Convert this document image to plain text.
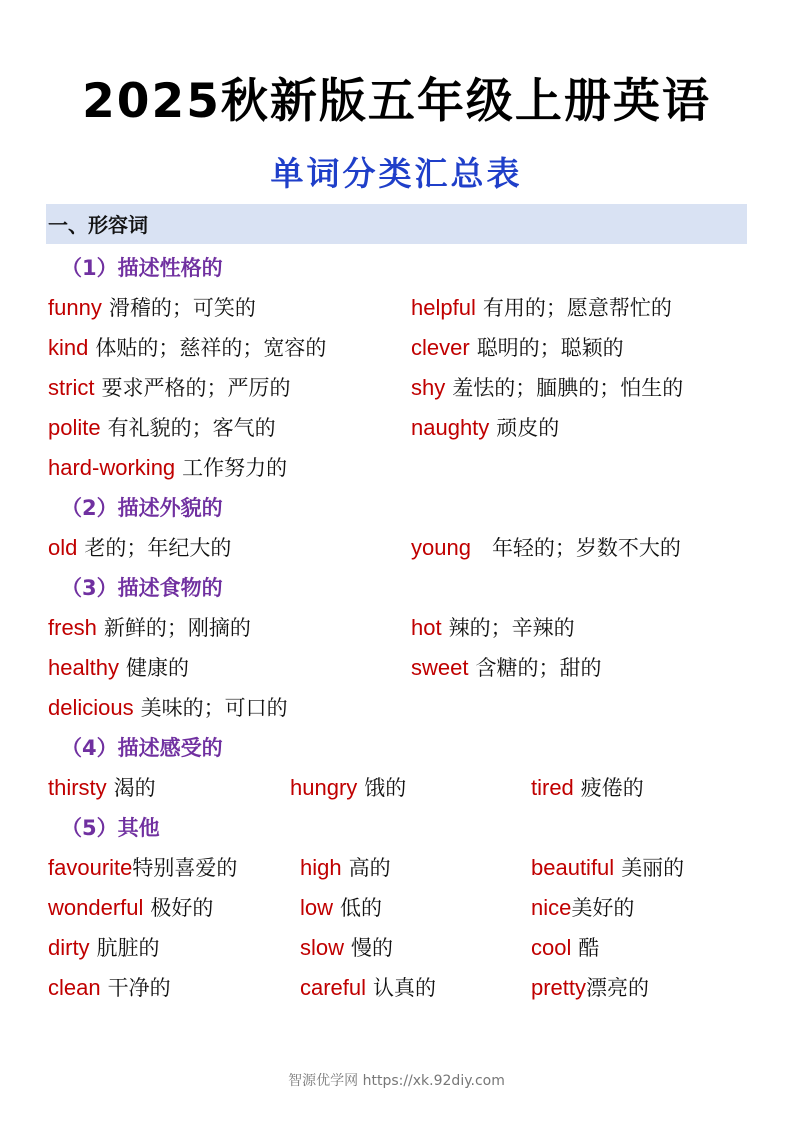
2025秋新版五年级上册英语
单词分类汇总表
一、形容词
（1）描述性格的
funny 滑稽的；可笑的	helpful 有用的；愿意帮忙的
kind 体贴的；慈祥的；宽容的	clever 聪明的；聪颖的
strict 要求严格的；严厉的	shy 羞怯的；腼腆的；怕生的
polite 有礼貌的；客气的	naughty 顽皮的
hard-working 工作努力的
（2）描述外貌的
old 老的；年纪大的	young 年轻的；岁数不大的
（3）描述食物的
fresh 新鲜的；刚摘的	hot 辣的；辛辣的
healthy 健康的	sweet 含糖的；甜的
delicious 美味的；可口的
（4）描述感受的
thirsty 渴的	hungry 饿的	tired 疲倦的
（5）其他
favourite特别喜爱的	high 高的	beautiful 美丽的
wonderful 极好的	low 低的	nice美好的
dirty 肮脏的	slow 慢的	cool 酷
clean 干净的	careful 认真的	pretty漂亮的
智源优学网 https://xk.92diy.com
